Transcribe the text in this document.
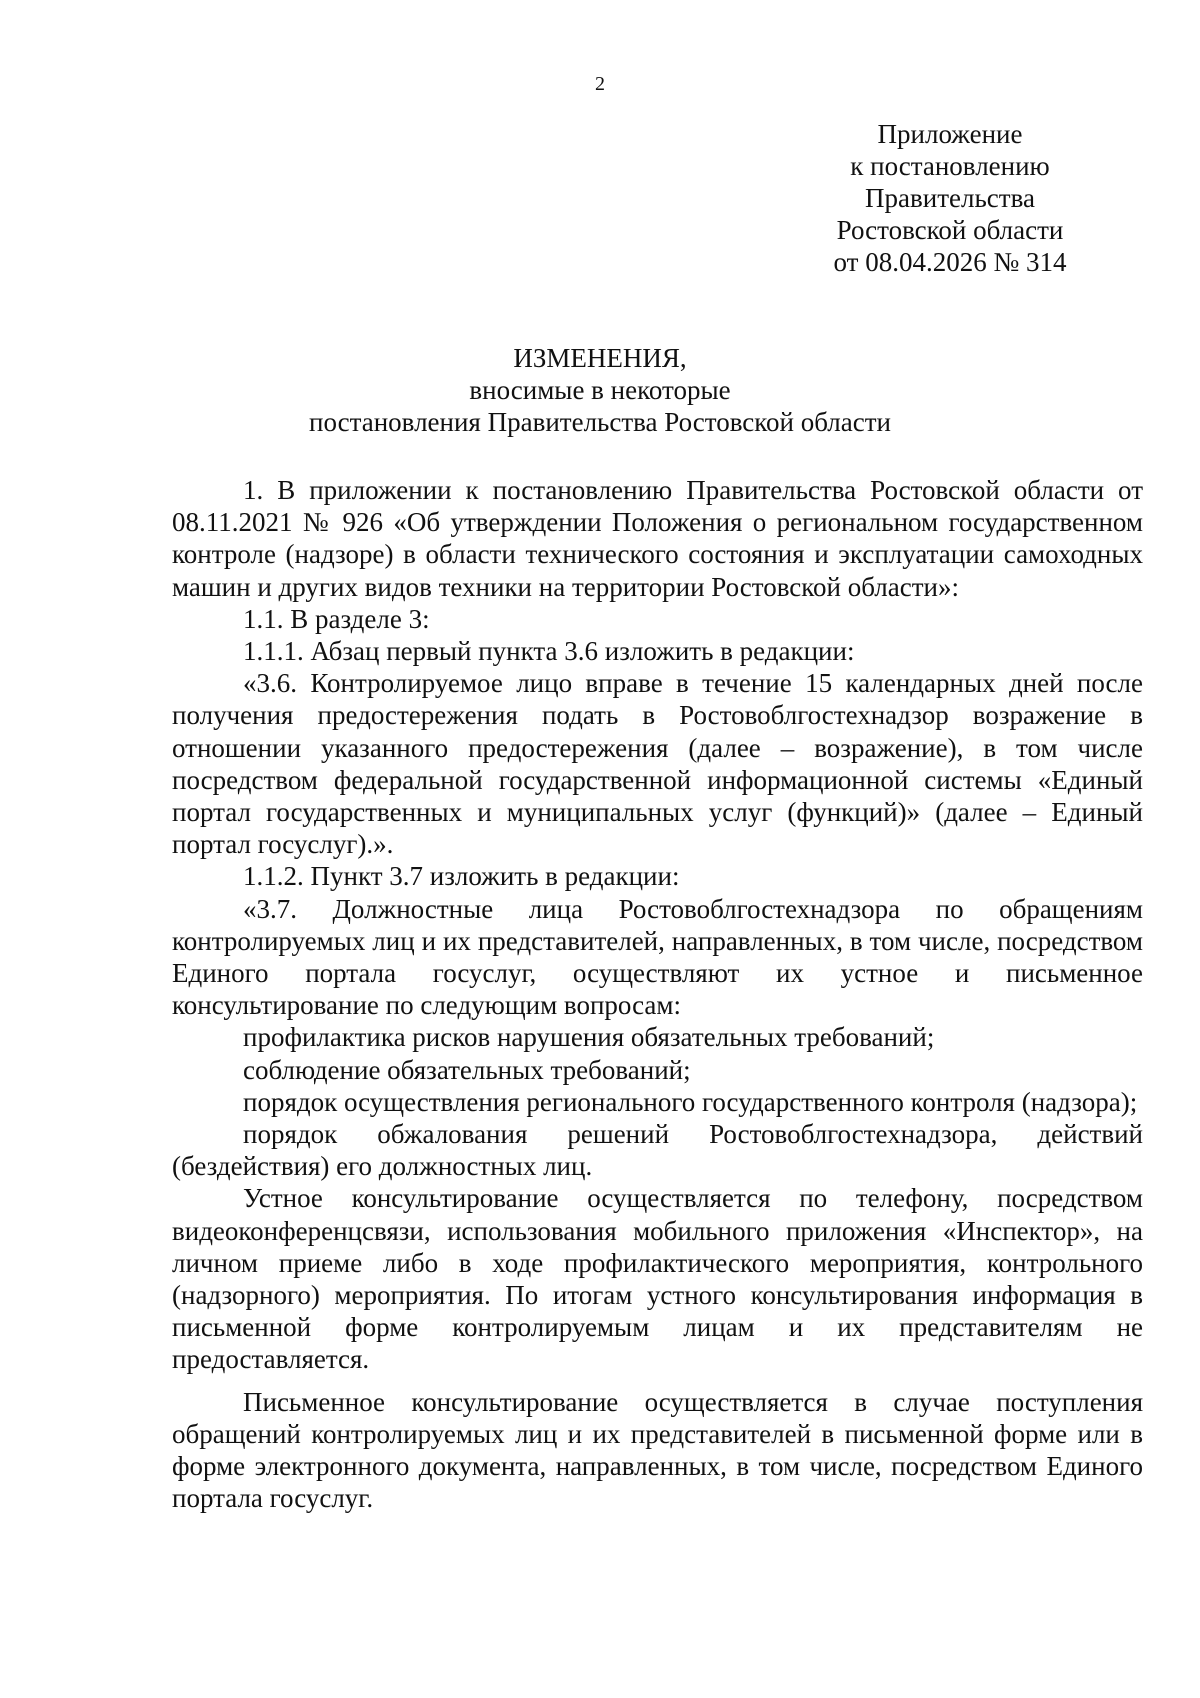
2
Приложение
к постановлению
Правительства
Ростовской области
от 08.04.2026 № 314
ИЗМЕНЕНИЯ,
вносимые в некоторые
постановления Правительства Ростовской области

1. В приложении к постановлению Правительства Ростовской области от 08.11.2021 № 926 «Об утверждении Положения о региональном государственном контроле (надзоре) в области технического состояния и эксплуатации самоходных машин и других видов техники на территории Ростовской области»:

1.1. В разделе 3:

1.1.1. Абзац первый пункта 3.6 изложить в редакции:

«3.6. Контролируемое лицо вправе в течение 15 календарных дней после получения предостережения подать в Ростовоблгостехнадзор возражение в отношении указанного предостережения (далее – возражение), в том числе посредством федеральной государственной информационной системы «Единый портал государственных и муниципальных услуг (функций)» (далее – Единый портал госуслуг).».

1.1.2. Пункт 3.7 изложить в редакции:

«3.7. Должностные лица Ростовоблгостехнадзора по обращениям контролируемых лиц и их представителей, направленных, в том числе, посредством Единого портала госуслуг, осуществляют их устное и письменное консультирование по следующим вопросам:

профилактика рисков нарушения обязательных требований;

соблюдение обязательных требований;

порядок осуществления регионального государственного контроля (надзора);

порядок обжалования решений Ростовоблгостехнадзора, действий (бездействия) его должностных лиц.

Устное консультирование осуществляется по телефону, посредством видеоконференцсвязи, использования мобильного приложения «Инспектор», на личном приеме либо в ходе профилактического мероприятия, контрольного (надзорного) мероприятия. По итогам устного консультирования информация в письменной форме контролируемым лицам и их представителям не предоставляется.

Письменное консультирование осуществляется в случае поступления обращений контролируемых лиц и их представителей в письменной форме или в форме электронного документа, направленных, в том числе, посредством Единого портала госуслуг.
